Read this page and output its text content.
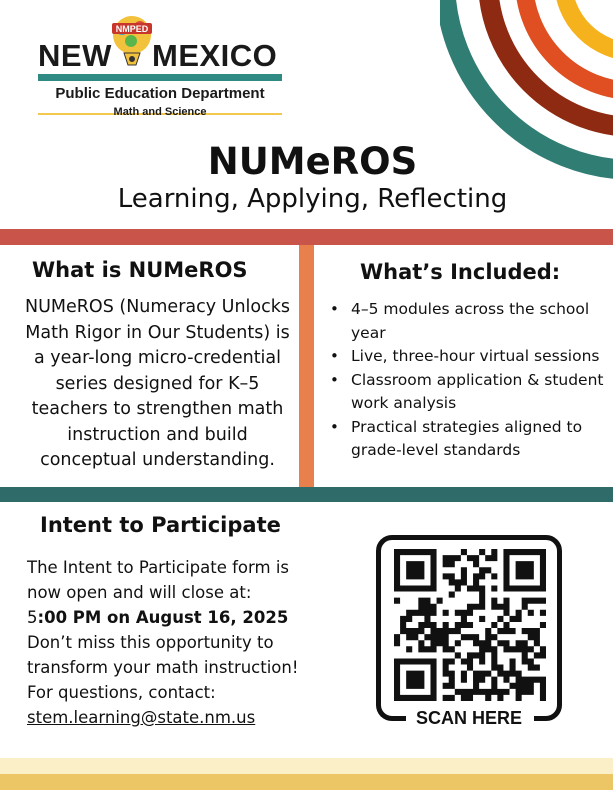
NEW
NMPED
MEXICO
Public Education Department
Math and Science
NUMeROS
Learning, Applying, Reflecting
What is NUMeROS
NUMeROS (Numeracy Unlocks Math Rigor in Our Students) is a year-long micro-credential series designed for K–5 teachers to strengthen math instruction and build conceptual understanding.
What’s Included:
• 4–5 modules across the school year
• Live, three-hour virtual sessions
• Classroom application & student work analysis
• Practical strategies aligned to grade-level standards
Intent to Participate
The Intent to Participate form is
now open and will close at:
5:00 PM on August 16, 2025
Don’t miss this opportunity to
transform your math instruction!
For questions, contact:
stem.learning@state.nm.us	SCAN HERE
